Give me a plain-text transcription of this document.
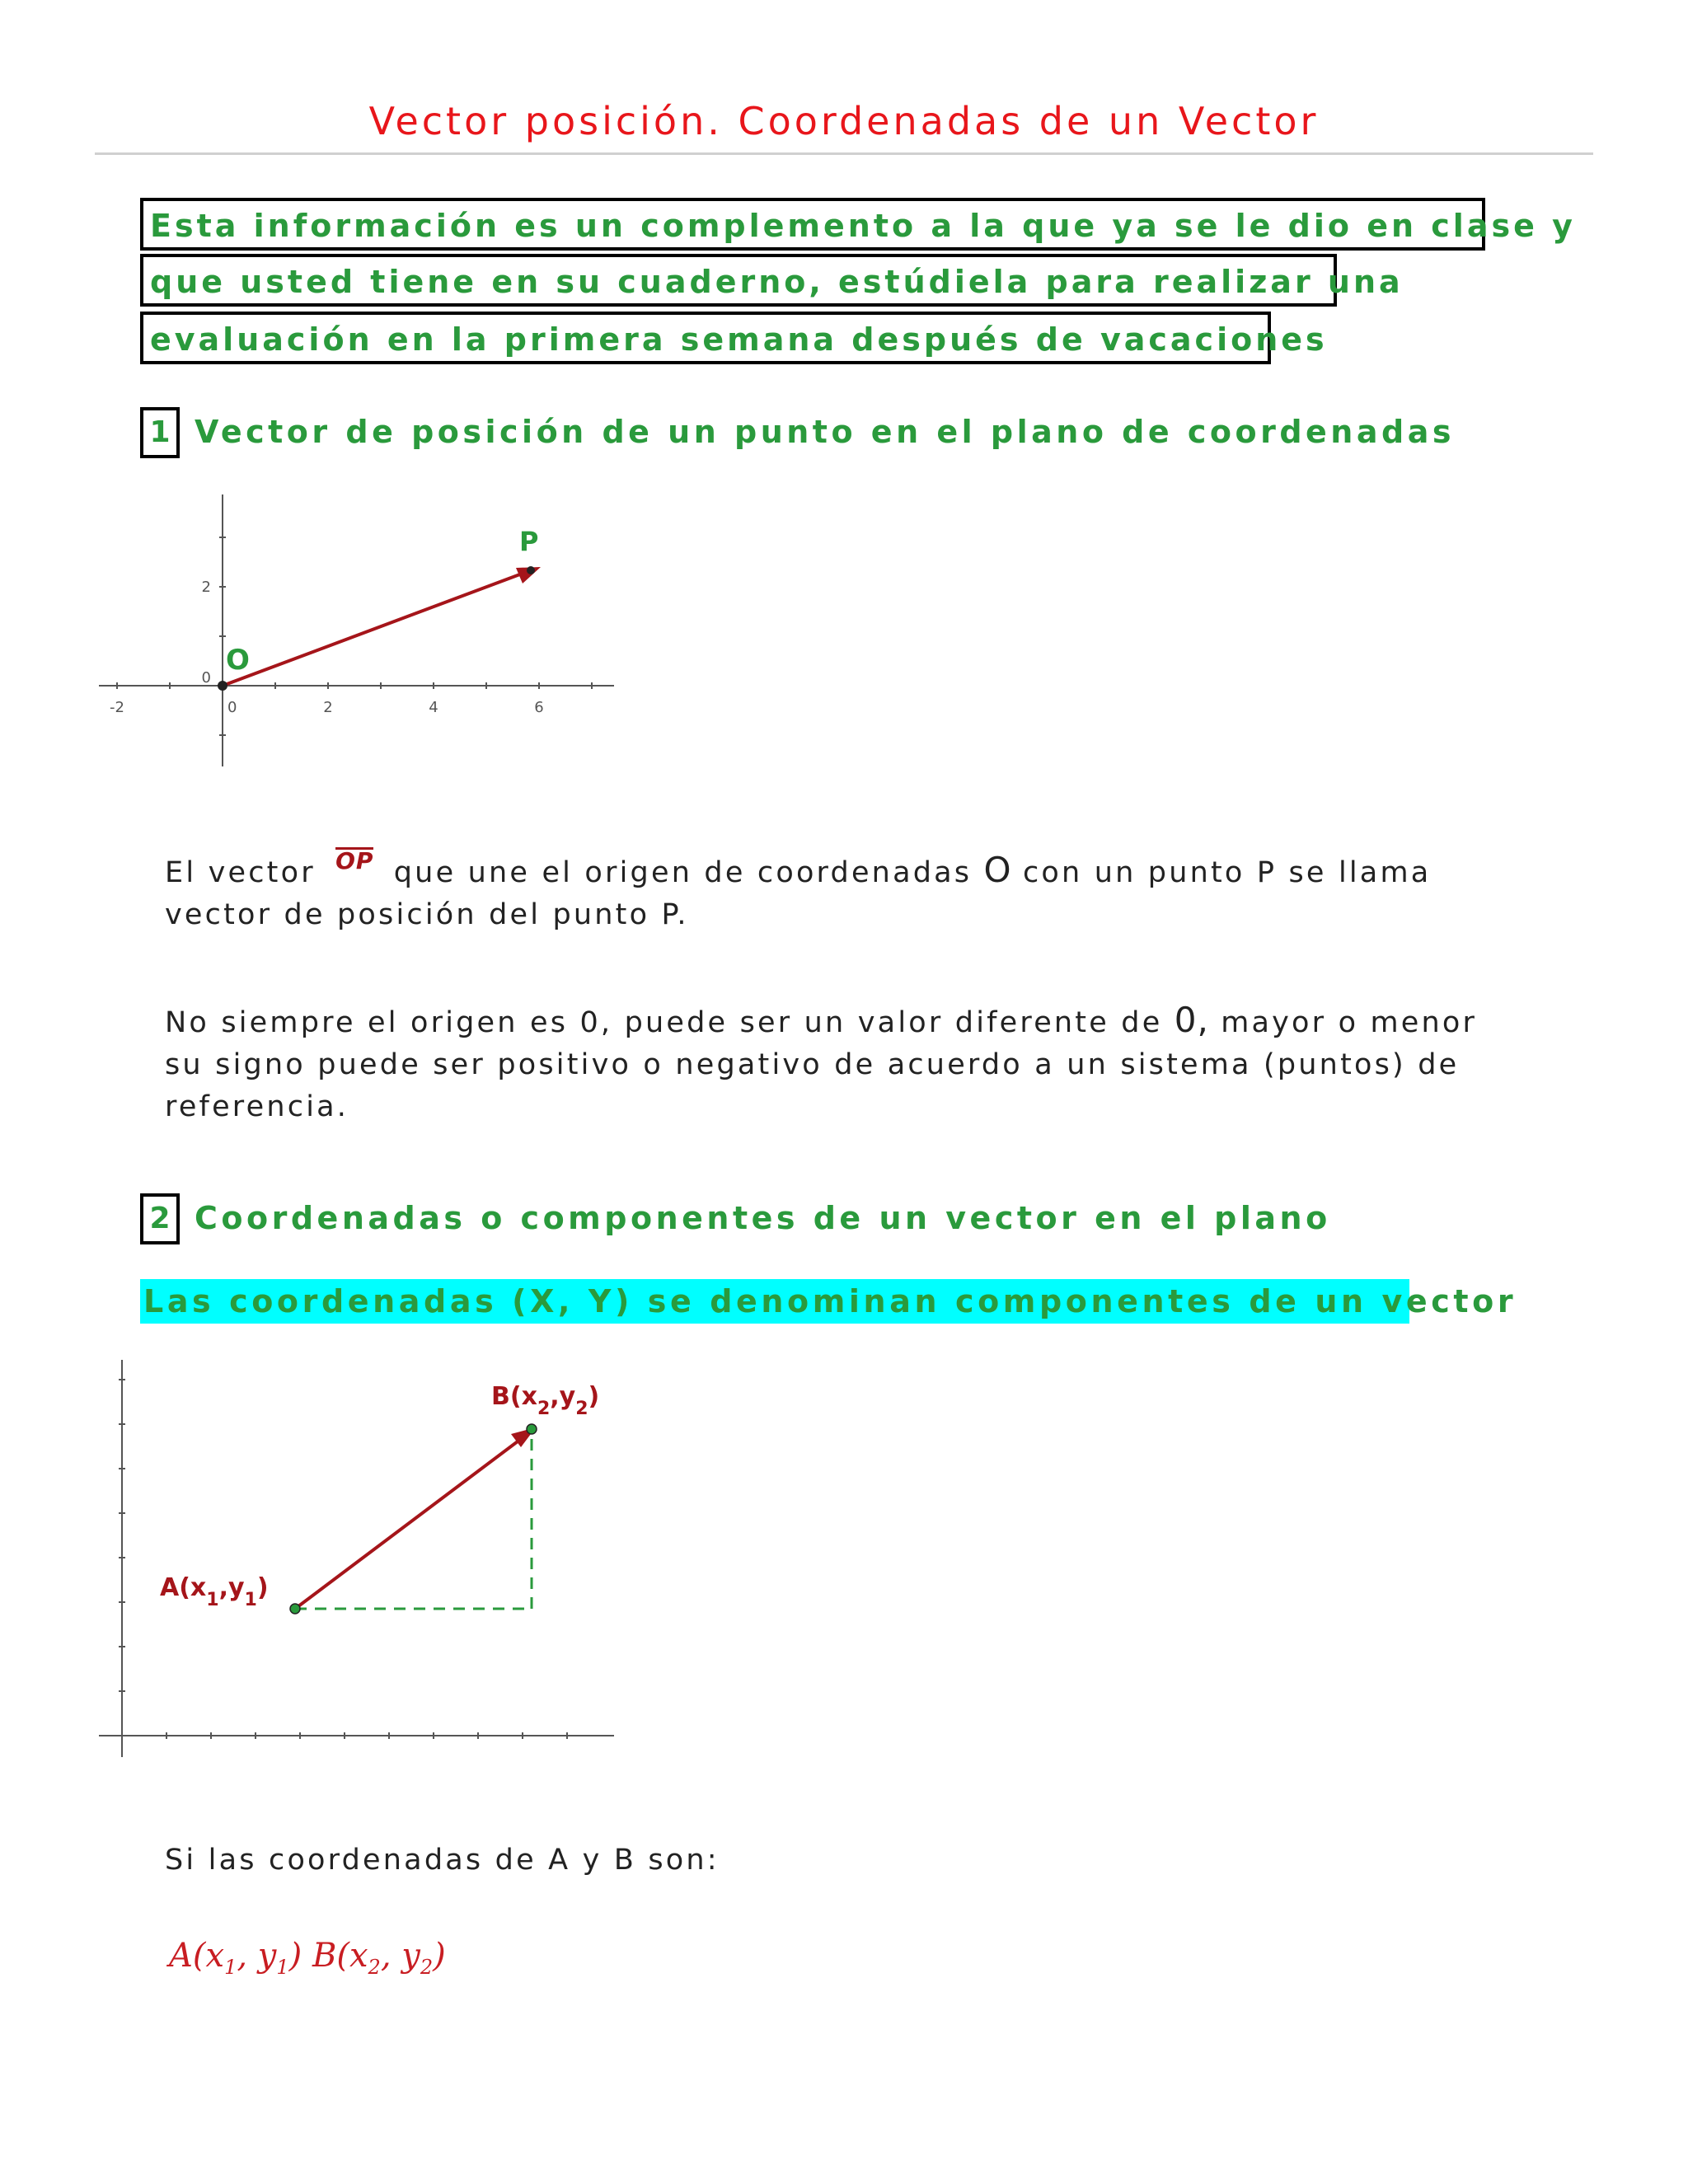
Vector posición. Coordenadas de un Vector
Esta información es un complemento a la que ya se le dio en clase y
que usted tiene en su cuaderno, estúdiela para realizar una
evaluación en la primera semana después de vacaciones
1 Vector de posición de un punto en el plano de coordenadas
-2	0	2	4	6
2
0
P
O
El vector OP que une el origen de coordenadas O con un punto P se llama vector de posición del punto P.
No siempre el origen es 0, puede ser un valor diferente de 0, mayor o menor su signo puede ser positivo o negativo de acuerdo a un sistema (puntos) de referencia.
2 Coordenadas o componentes de un vector en el plano
Las coordenadas (X, Y) se denominan componentes de un vector
$B(x_2,y_2)$
$A(x_1,y_1)$
Si las coordenadas de A y B son:
$A(x_1$, $y_1$) $B(x_2$, $y_2$)
